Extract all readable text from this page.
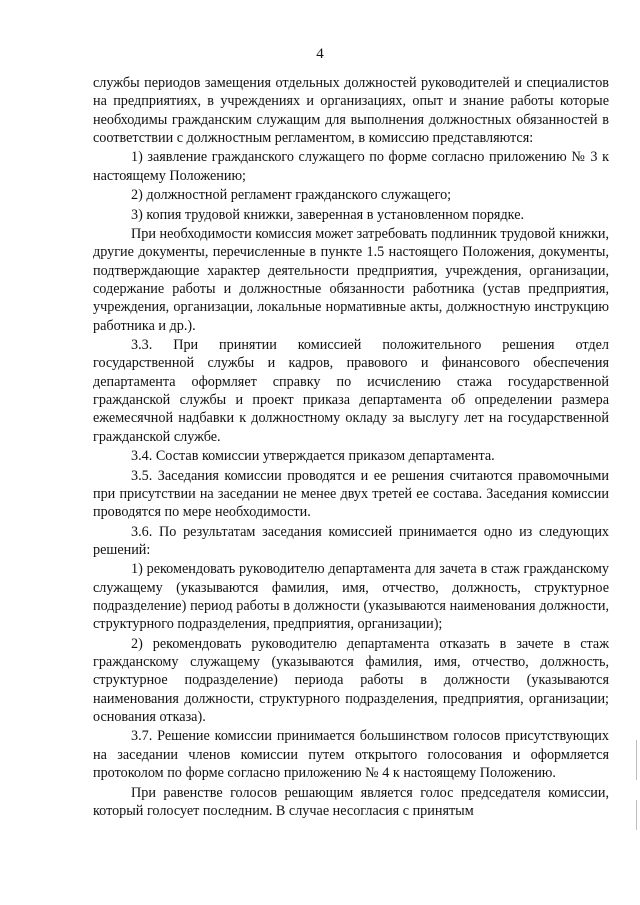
4

службы периодов замещения отдельных должностей руководителей и специалистов на предприятиях, в учреждениях и организациях, опыт и знание работы которые необходимы гражданским служащим для выполнения должностных обязанностей в соответствии с должностным регламентом, в комиссию представляются:

1) заявление гражданского служащего по форме согласно приложению № 3 к настоящему Положению;

2) должностной регламент гражданского служащего;

3) копия трудовой книжки, заверенная в установленном порядке.

При необходимости комиссия может затребовать подлинник трудовой книжки, другие документы, перечисленные в пункте 1.5 настоящего Положения, документы, подтверждающие характер деятельности предприятия, учреждения, организации, содержание работы и должностные обязанности работника (устав предприятия, учреждения, организации, локальные нормативные акты, должностную инструкцию работника и др.).

3.3. При принятии комиссией положительного решения отдел государственной службы и кадров, правового и финансового обеспечения департамента оформляет справку по исчислению стажа государственной гражданской службы и проект приказа департамента об определении размера ежемесячной надбавки к должностному окладу за выслугу лет на государственной гражданской службе.

3.4. Состав комиссии утверждается приказом департамента.

3.5. Заседания комиссии проводятся и ее решения считаются правомочными при присутствии на заседании не менее двух третей ее состава. Заседания комиссии проводятся по мере необходимости.

3.6. По результатам заседания комиссией принимается одно из следующих решений:

1) рекомендовать руководителю департамента для зачета в стаж гражданскому служащему (указываются фамилия, имя, отчество, должность, структурное подразделение) период работы в должности (указываются наименования должности, структурного подразделения, предприятия, организации);

2) рекомендовать руководителю департамента отказать в зачете в стаж гражданскому служащему (указываются фамилия, имя, отчество, должность, структурное подразделение) периода работы в должности (указываются наименования должности, структурного подразделения, предприятия, организации; основания отказа).

3.7. Решение комиссии принимается большинством голосов присутствующих на заседании членов комиссии путем открытого голосования и оформляется протоколом по форме согласно приложению № 4 к настоящему Положению.

При равенстве голосов решающим является голос председателя комиссии, который голосует последним. В случае несогласия с принятым
